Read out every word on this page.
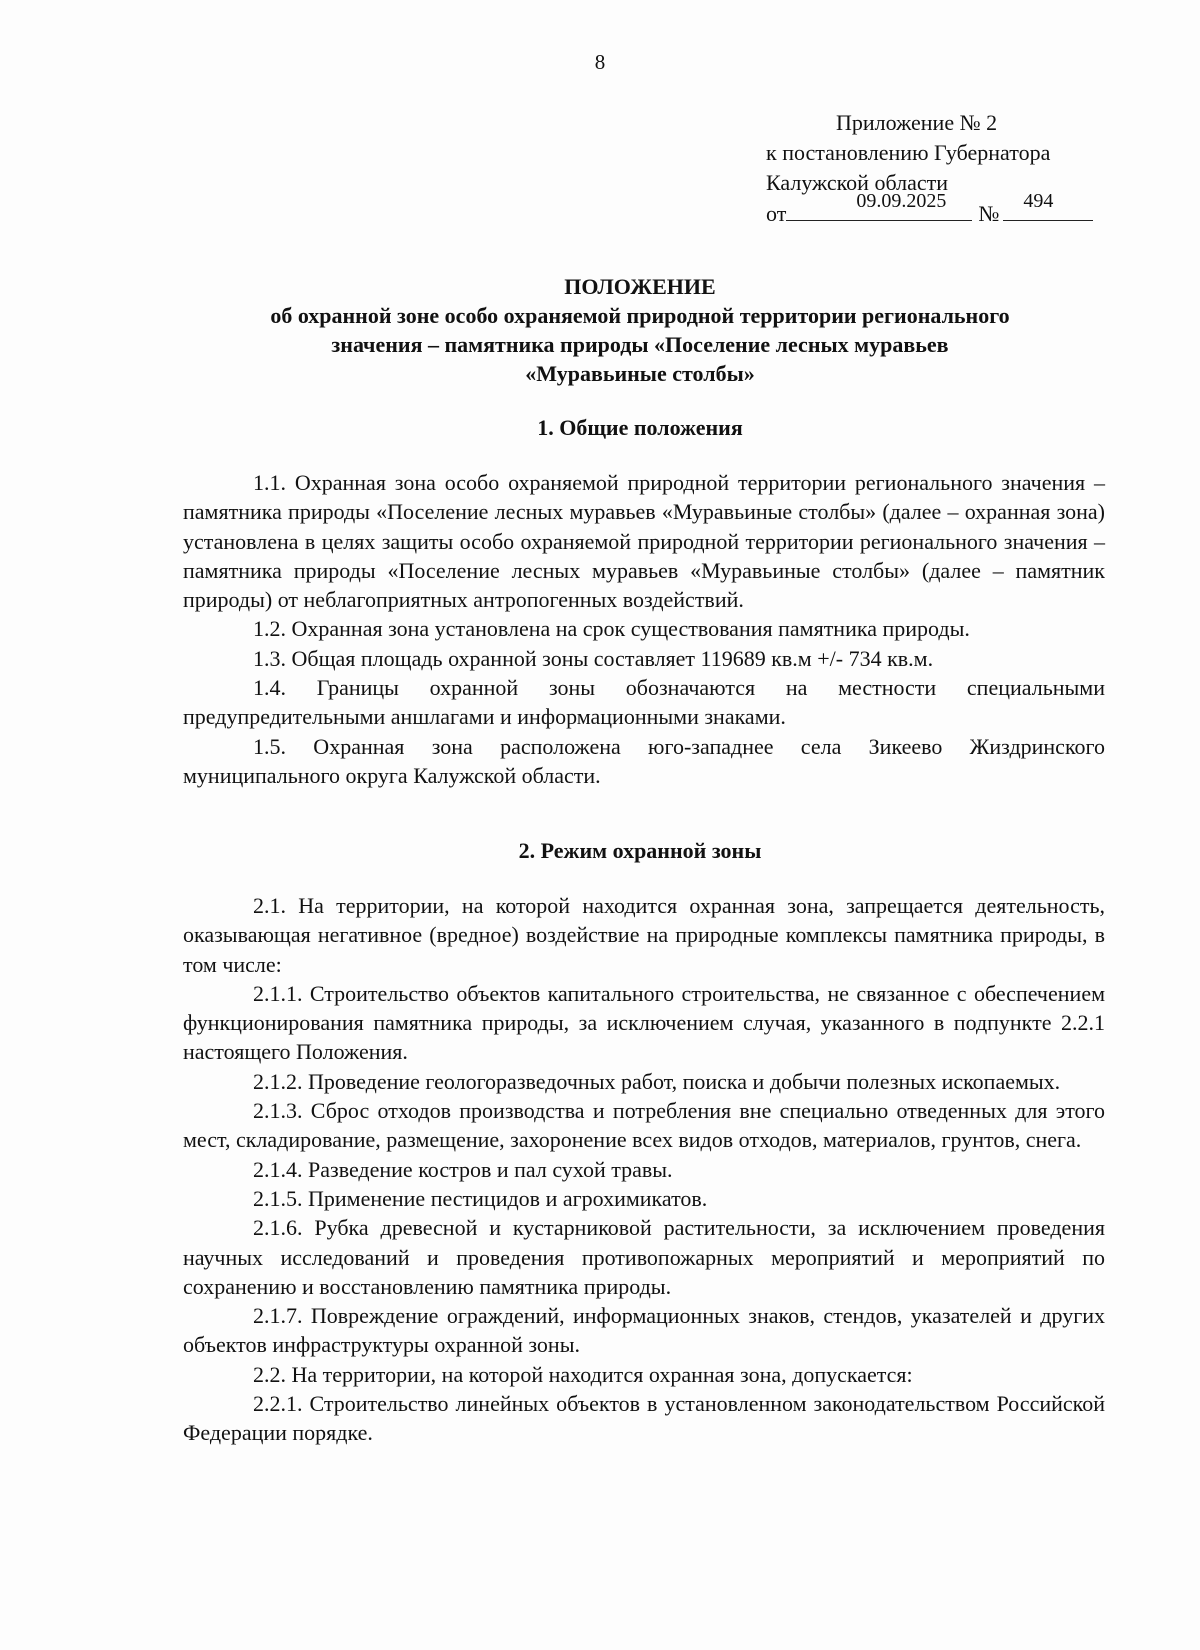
8
Приложение № 2
к постановлению Губернатора
Калужской области
от	09.09.2025 № 494
ПОЛОЖЕНИЕ
об охранной зоне особо охраняемой природной территории регионального
значения – памятника природы «Поселение лесных муравьев
«Муравьиные столбы»
1. Общие положения

1.1. Охранная зона особо охраняемой природной территории регионального значения – памятника природы «Поселение лесных муравьев «Муравьиные столбы» (далее – охранная зона) установлена в целях защиты особо охраняемой природной территории регионального значения – памятника природы «Поселение лесных муравьев «Муравьиные столбы» (далее – памятник природы) от неблагоприятных антропогенных воздействий.

1.2. Охранная зона установлена на срок существования памятника природы.

1.3. Общая площадь охранной зоны составляет 119689 кв.м +/- 734 кв.м.

1.4. Границы охранной зоны обозначаются на местности специальными предупредительными аншлагами и информационными знаками.

1.5. Охранная зона расположена юго-западнее села Зикеево Жиздринского муниципального округа Калужской области.

2. Режим охранной зоны

2.1. На территории, на которой находится охранная зона, запрещается деятельность, оказывающая негативное (вредное) воздействие на природные комплексы памятника природы, в том числе:

2.1.1. Строительство объектов капитального строительства, не связанное с обеспечением функционирования памятника природы, за исключением случая, указанного в подпункте 2.2.1 настоящего Положения.

2.1.2. Проведение геологоразведочных работ, поиска и добычи полезных ископаемых.

2.1.3. Сброс отходов производства и потребления вне специально отведенных для этого мест, складирование, размещение, захоронение всех видов отходов, материалов, грунтов, снега.

2.1.4. Разведение костров и пал сухой травы.

2.1.5. Применение пестицидов и агрохимикатов.

2.1.6. Рубка древесной и кустарниковой растительности, за исключением проведения научных исследований и проведения противопожарных мероприятий и мероприятий по сохранению и восстановлению памятника природы.

2.1.7. Повреждение ограждений, информационных знаков, стендов, указателей и других объектов инфраструктуры охранной зоны.

2.2. На территории, на которой находится охранная зона, допускается:

2.2.1. Строительство линейных объектов в установленном законодательством Российской Федерации порядке.
